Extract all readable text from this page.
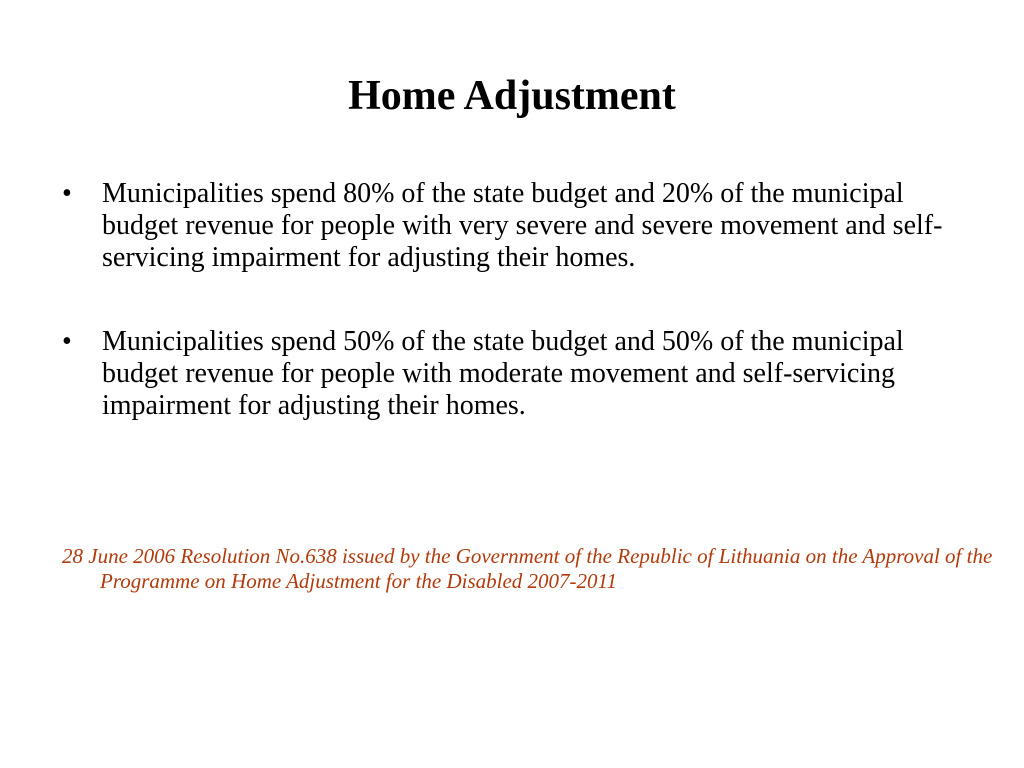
Home Adjustment
•	Municipalities spend 80% of the state budget and 20% of the municipal budget revenue for people with very severe and severe movement and self-servicing impairment for adjusting their homes.
•	Municipalities spend 50% of the state budget and 50% of the municipal budget revenue for people with moderate movement and self-servicing impairment for adjusting their homes.

28 June 2006 Resolution No.638 issued by the Government of the Republic of Lithuania on the Approval of the Programme on Home Adjustment for the Disabled 2007-2011
